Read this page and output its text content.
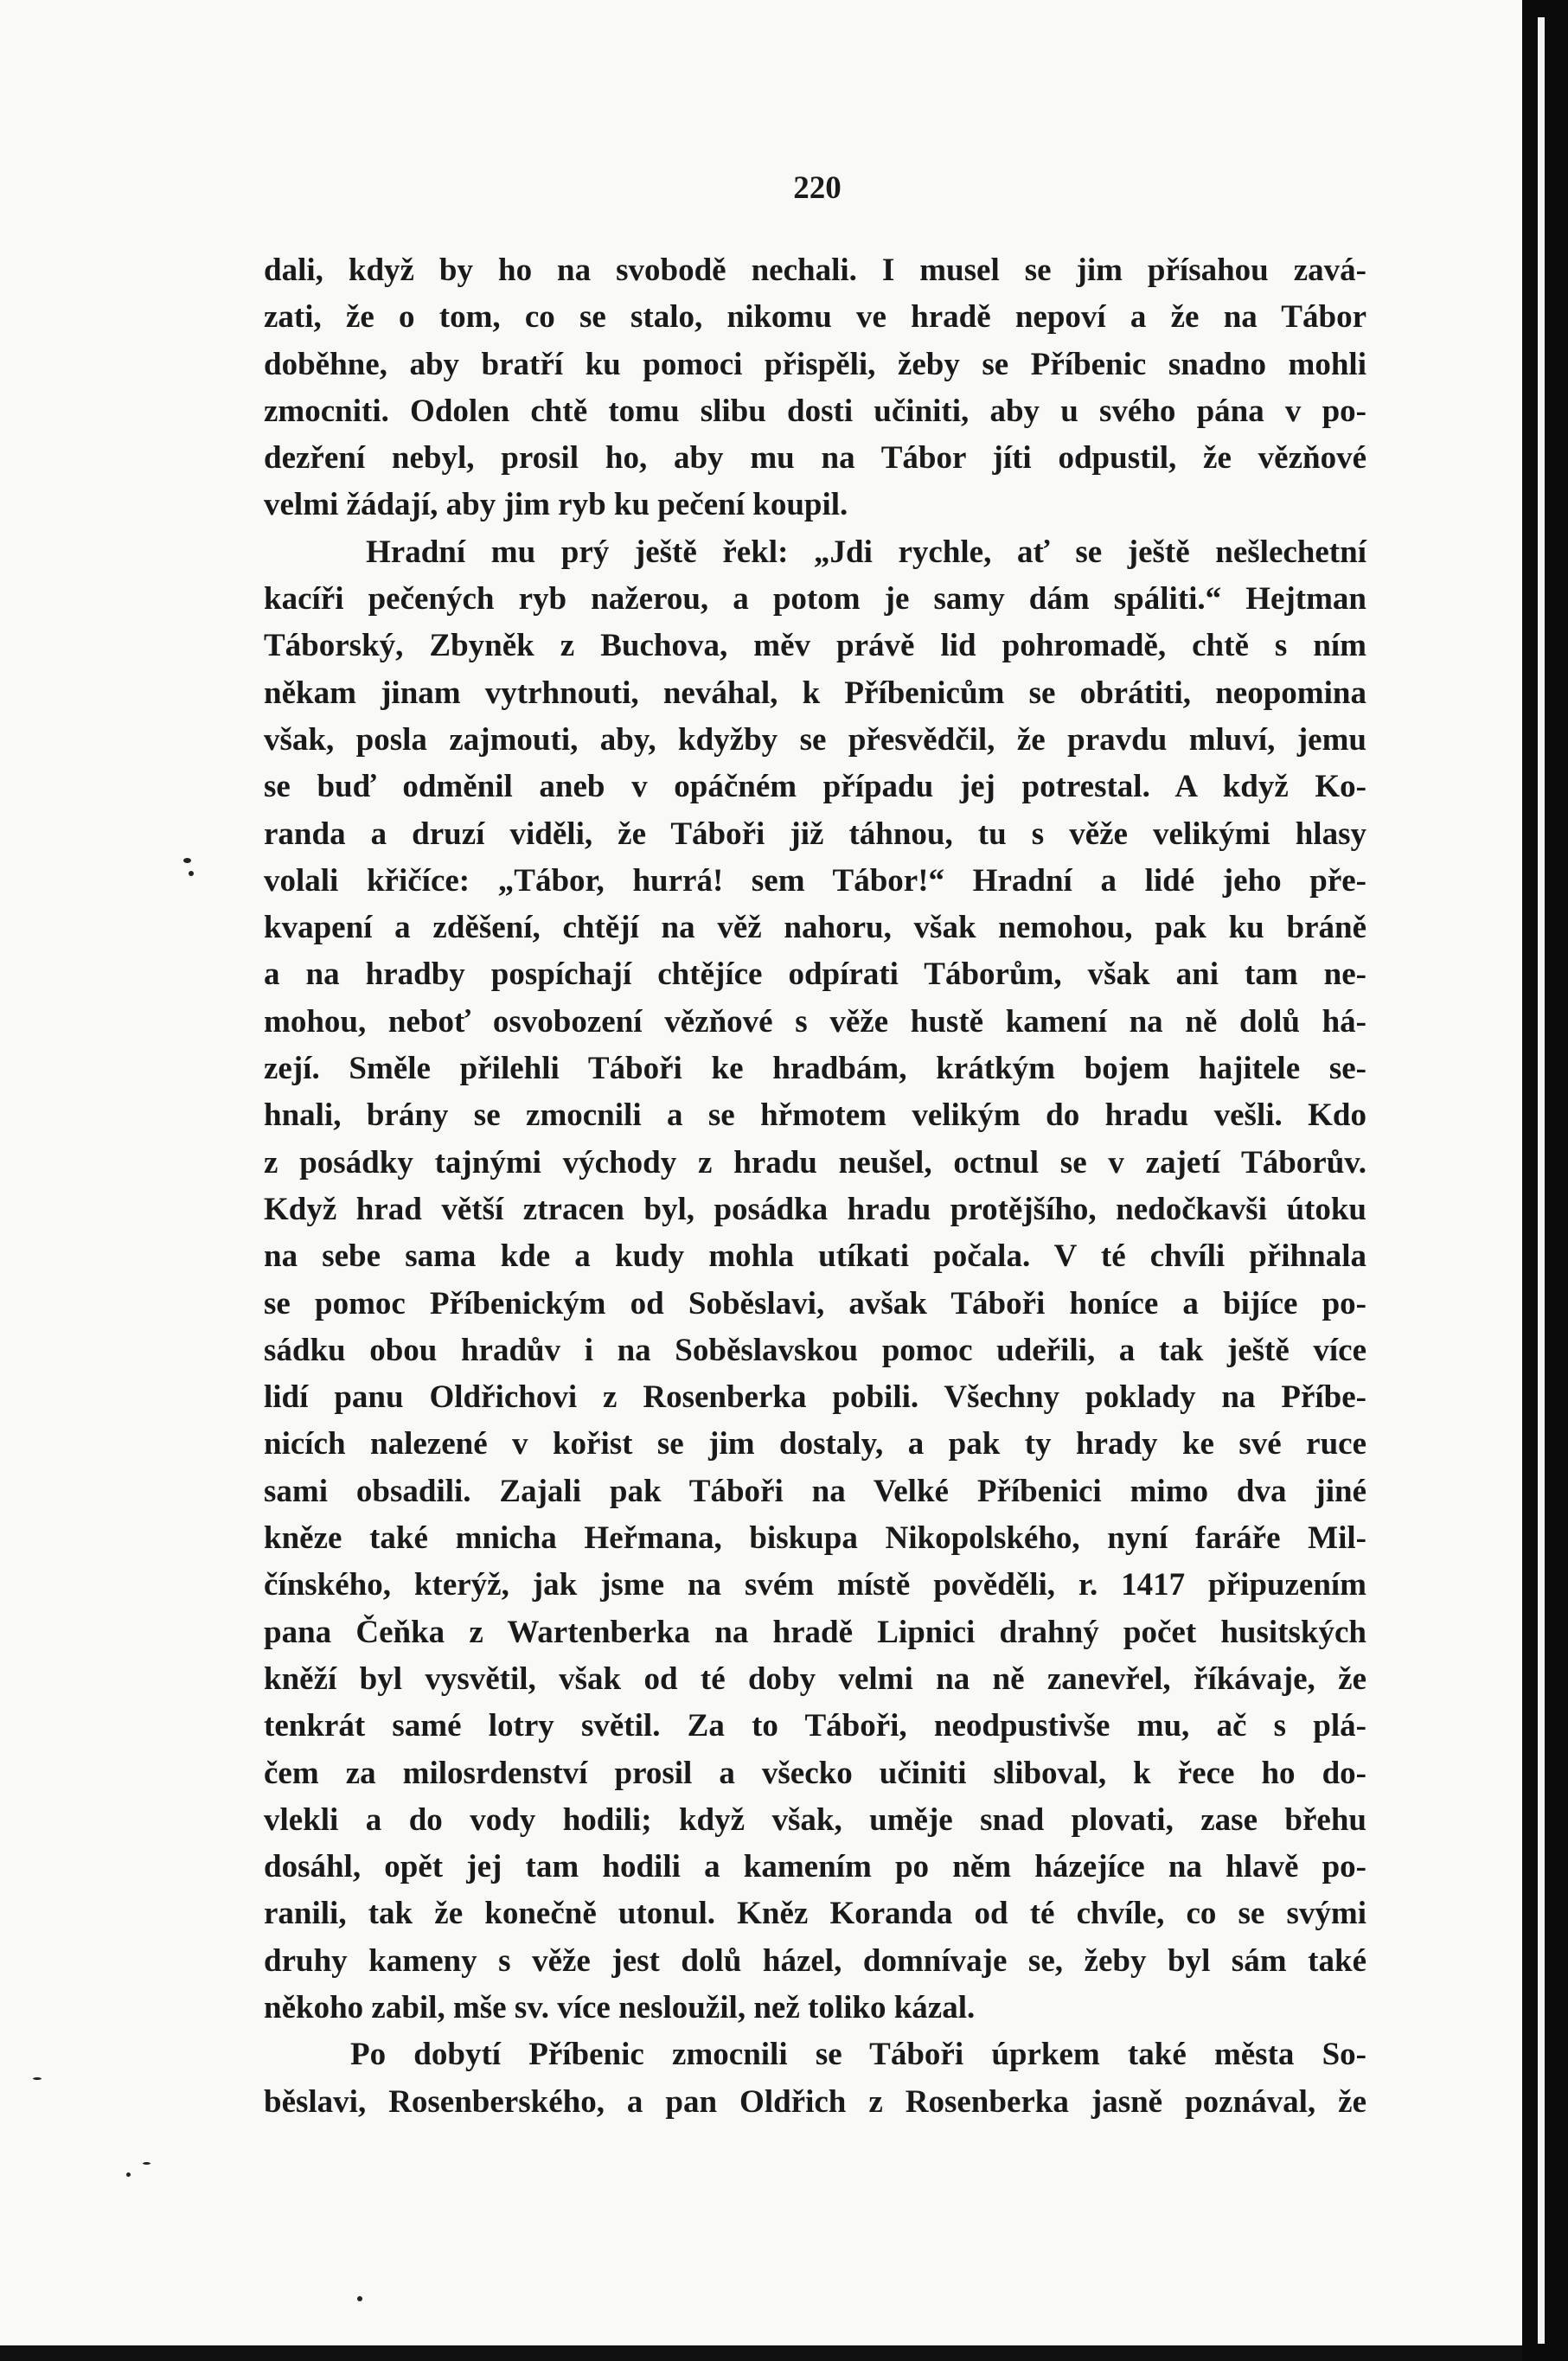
220
dali, když by ho na svobodě nechali. I musel se jim přísahou zavá-
zati, že o tom, co se stalo, nikomu ve hradě nepoví a že na Tábor
doběhne, aby bratří ku pomoci přispěli, žeby se Příbenic snadno mohli
zmocniti. Odolen chtě tomu slibu dosti učiniti, aby u svého pána v po-
dezření nebyl, prosil ho, aby mu na Tábor jíti odpustil, že vězňové
velmi žádají, aby jim ryb ku pečení koupil.
Hradní mu prý ještě řekl: „Jdi rychle, ať se ještě nešlechetní
kacíři pečených ryb nažerou, a potom je samy dám spáliti.“ Hejtman
Táborský, Zbyněk z Buchova, měv právě lid pohromadě, chtě s ním
někam jinam vytrhnouti, neváhal, k Příbenicům se obrátiti, neopomina
však, posla zajmouti, aby, kdyžby se přesvědčil, že pravdu mluví, jemu
se buď odměnil aneb v opáčném případu jej potrestal. A když Ko-
randa a druzí viděli, že Táboři již táhnou, tu s věže velikými hlasy
volali křičíce: „Tábor, hurrá! sem Tábor!“ Hradní a lidé jeho pře-
kvapení a zděšení, chtějí na věž nahoru, však nemohou, pak ku bráně
a na hradby pospíchají chtějíce odpírati Táborům, však ani tam ne-
mohou, neboť osvobození vězňové s věže hustě kamení na ně dolů há-
zejí. Směle přilehli Táboři ke hradbám, krátkým bojem hajitele se-
hnali, brány se zmocnili a se hřmotem velikým do hradu vešli. Kdo
z posádky tajnými východy z hradu neušel, octnul se v zajetí Táborův.
Když hrad větší ztracen byl, posádka hradu protějšího, nedočkavši útoku
na sebe sama kde a kudy mohla utíkati počala. V té chvíli přihnala
se pomoc Příbenickým od Soběslavi, avšak Táboři honíce a bijíce po-
sádku obou hradův i na Soběslavskou pomoc udeřili, a tak ještě více
lidí panu Oldřichovi z Rosenberka pobili. Všechny poklady na Příbe-
nicích nalezené v kořist se jim dostaly, a pak ty hrady ke své ruce
sami obsadili. Zajali pak Táboři na Velké Příbenici mimo dva jiné
kněze také mnicha Heřmana, biskupa Nikopolského, nyní faráře Mil-
čínského, kterýž, jak jsme na svém místě pověděli, r. 1417 připuzením
pana Čeňka z Wartenberka na hradě Lipnici drahný počet husitských
kněží byl vysvětil, však od té doby velmi na ně zanevřel, říkávaje, že
tenkrát samé lotry světil. Za to Táboři, neodpustivše mu, ač s plá-
čem za milosrdenství prosil a všecko učiniti sliboval, k řece ho do-
vlekli a do vody hodili; když však, uměje snad plovati, zase břehu
dosáhl, opět jej tam hodili a kamením po něm házejíce na hlavě po-
ranili, tak že konečně utonul. Kněz Koranda od té chvíle, co se svými
druhy kameny s věže jest dolů házel, domnívaje se, žeby byl sám také
někoho zabil, mše sv. více nesloužil, než toliko kázal.
Po dobytí Příbenic zmocnili se Táboři úprkem také města So-
běslavi, Rosenberského, a pan Oldřich z Rosenberka jasně poznával, že
